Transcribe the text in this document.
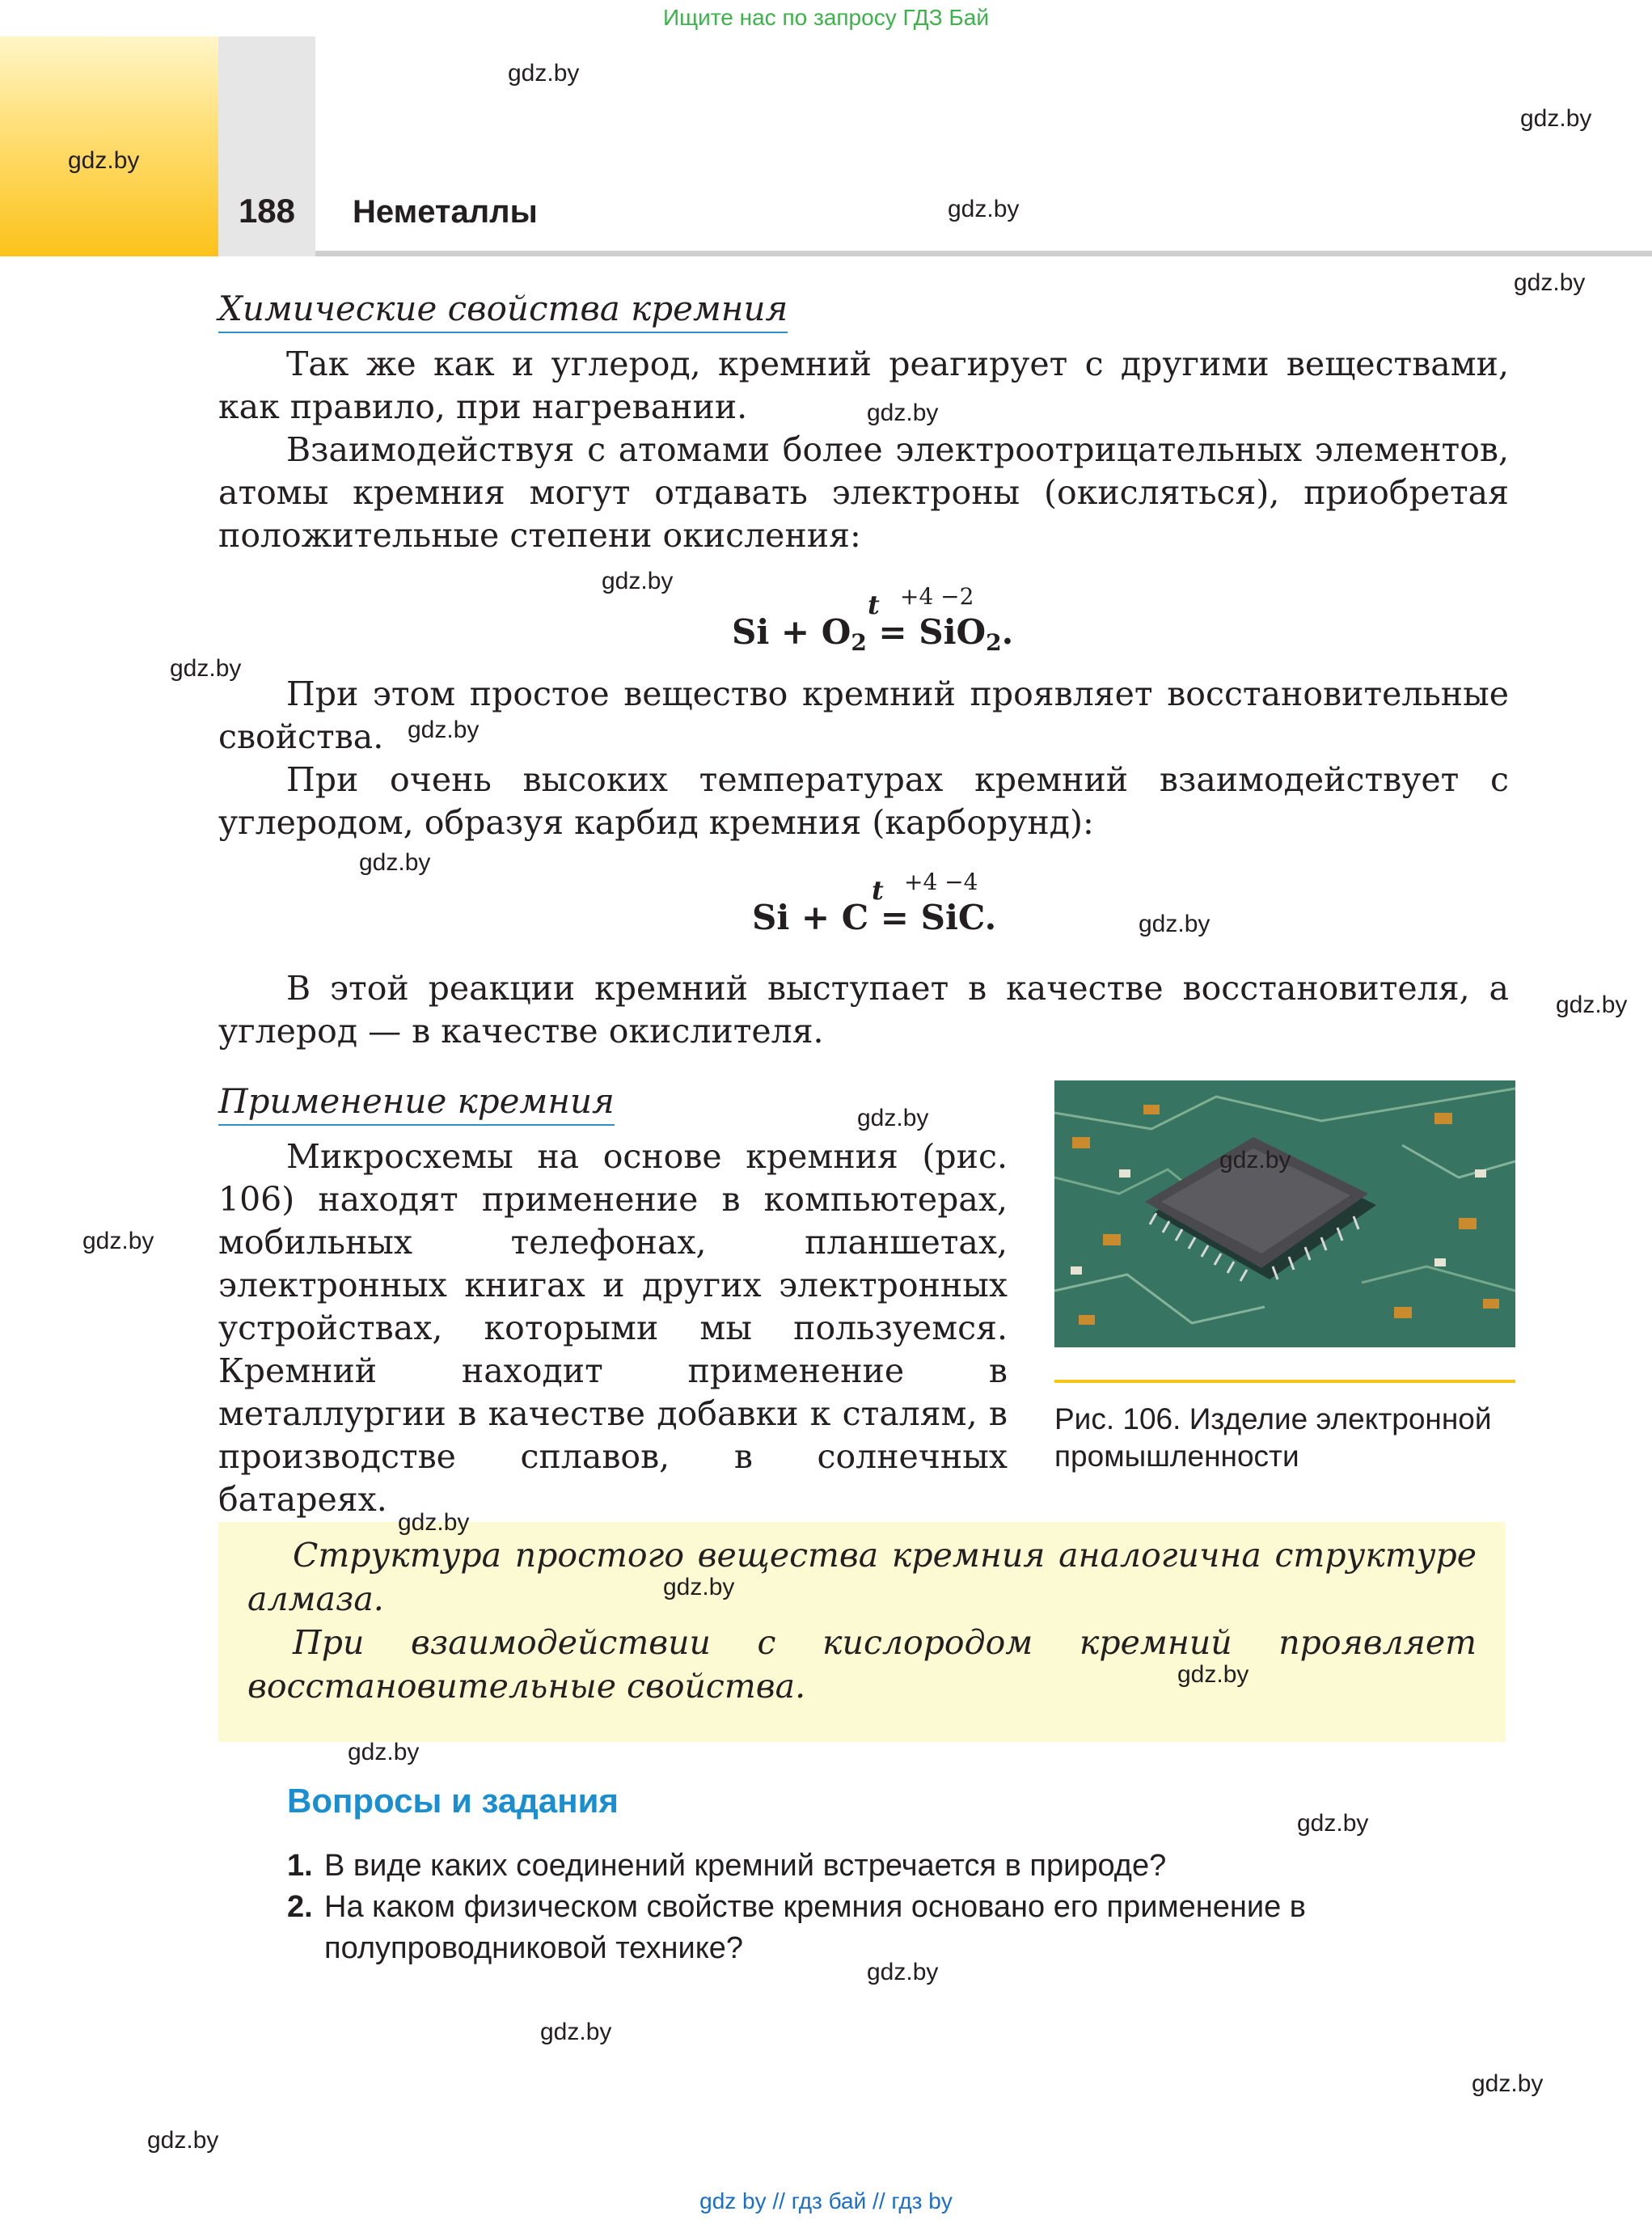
Ищите нас по запросу ГДЗ Бай
188	Неметаллы
Химические свойства кремния
Так же как и углерод, кремний реагирует с другими веществами, как правило, при нагревании.
Взаимодействуя с атомами более электроотрицательных элементов, атомы кремния могут отдавать электроны (окисляться), приобретая положительные степени окисления:
+4 −2
t
$Si + O_2 = SiO_2$.
При этом простое вещество кремний проявляет восстановительные свойства.
При очень высоких температурах кремний взаимодействует с углеродом, образуя карбид кремния (карборунд):
+4 −4
t
Si + C = SiC.
В этой реакции кремний выступает в качестве восстановителя, а углерод — в качестве окислителя.
Применение кремния
Микросхемы на основе кремния (рис. 106) находят применение в компьютерах, мобильных телефонах, планшетах, электронных книгах и других электронных устройствах, которыми мы пользуемся. Кремний находит применение в металлургии в качестве добавки к сталям, в производстве сплавов, в солнечных батареях.
Рис. 106. Изделие электронной промышленности
Структура простого вещества кремния аналогична структуре алмаза.
При взаимодействии с кислородом кремний проявляет восстановительные свойства.
Вопросы и задания
1. В виде каких соединений кремний встречается в природе?
2. На каком физическом свойстве кремния основано его применение в полупроводниковой технике?
gdz.by
gdz.by
gdz.by
gdz.by
gdz.by
gdz.by
gdz.by
gdz.by
gdz.by
gdz.by
gdz.by
gdz.by
gdz.by
gdz.by
gdz.by
gdz.by
gdz.by
gdz.by
gdz.by
gdz.by
gdz.by
gdz.by
gdz.by
gdz.by
gdz by // гдз бай // гдз by
